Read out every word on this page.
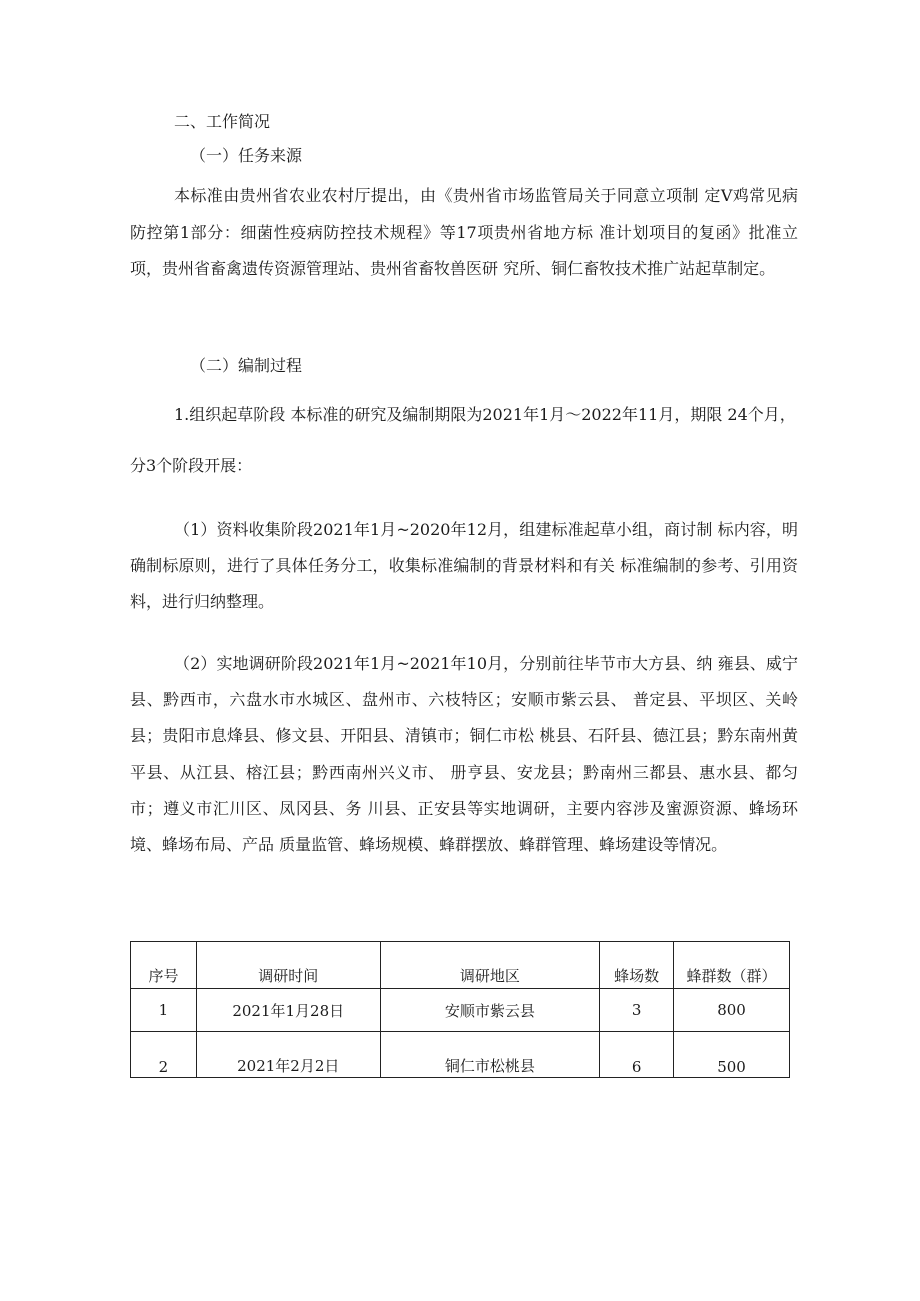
二、工作简况
（一）任务来源
本标准由贵州省农业农村厅提出，由《贵州省市场监管局关于同意立项制 定V鸡常见病防控第1部分：细菌性疫病防控技术规程》等17项贵州省地方标 准计划项目的复函》批准立项，贵州省畜禽遗传资源管理站、贵州省畜牧兽医研 究所、铜仁畜牧技术推广站起草制定。
（二）编制过程
1.组织起草阶段 本标准的研究及编制期限为2021年1月～2022年11月，期限 24个月，
分3个阶段开展：
（1）资料收集阶段2021年1月~2020年12月，组建标准起草小组，商讨制 标内容，明确制标原则，进行了具体任务分工，收集标准编制的背景材料和有关 标准编制的参考、引用资料，进行归纳整理。
（2）实地调研阶段2021年1月~2021年10月，分别前往毕节市大方县、纳 雍县、威宁县、黔西市，六盘水市水城区、盘州市、六枝特区；安顺市紫云县、 普定县、平坝区、关岭县；贵阳市息烽县、修文县、开阳县、清镇市；铜仁市松 桃县、石阡县、德江县；黔东南州黄平县、从江县、榕江县；黔西南州兴义市、 册亨县、安龙县；黔南州三都县、惠水县、都匀市；遵义市汇川区、凤冈县、务 川县、正安县等实地调研，主要内容涉及蜜源资源、蜂场环境、蜂场布局、产品 质量监管、蜂场规模、蜂群摆放、蜂群管理、蜂场建设等情况。
序号	调研时间	调研地区	蜂场数	蜂群数（群）
1	2021年1月28日	安顺市紫云县	3	800
2	2021年2月2日	铜仁市松桃县	6	500
